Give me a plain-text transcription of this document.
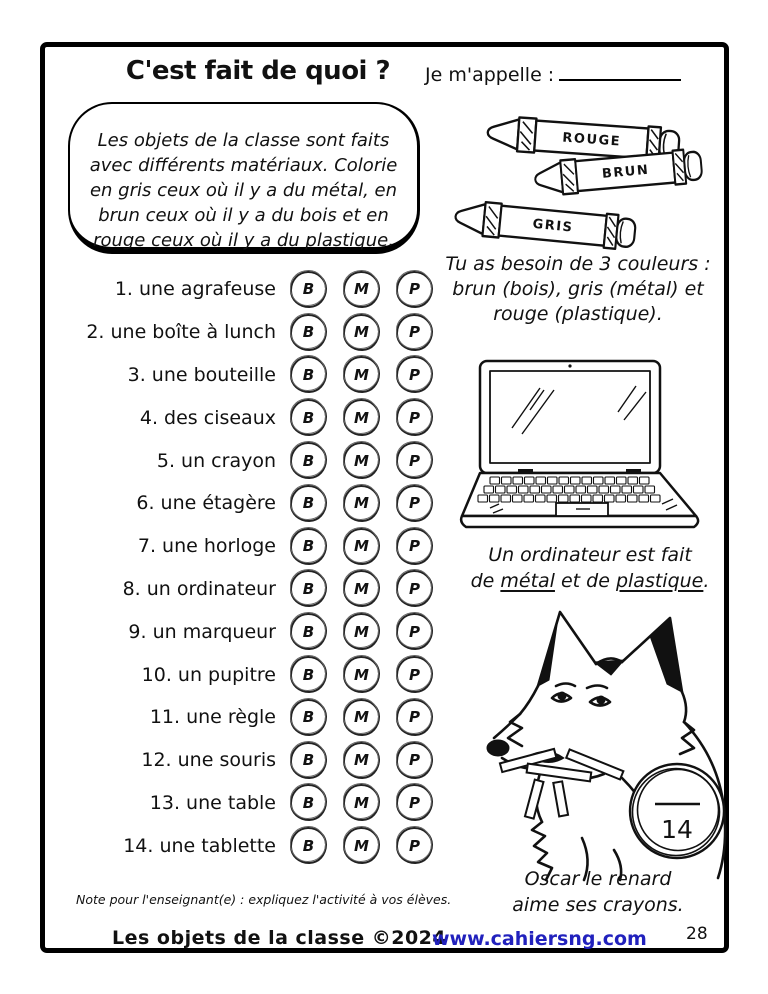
C'est fait de quoi ?	Je m'appelle :
Les objets de la classe sont faits
avec différents matériaux. Colorie
en gris ceux où il y a du métal, en
brun ceux où il y a du bois et en
rouge ceux où il y a du plastique.
ROUGE
BRUN
GRIS
Tu as besoin de 3 couleurs :
brun (bois), gris (métal) et
rouge (plastique).
1. une agrafeuse	B	M	P
2. une boîte à lunch	B	M	P
3. une bouteille	B	M	P
4. des ciseaux	B	M	P
5. un crayon	B	M	P
6. une étagère	B	M	P
7. une horloge	B	M	P
8. un ordinateur	B	M	P
9. un marqueur	B	M	P
10. un pupitre	B	M	P
11. une règle	B	M	P
12. une souris	B	M	P
13. une table	B	M	P
14. une tablette	B	M	P
Un ordinateur est fait
de métal et de plastique.
14
Oscar le renard
aime ses crayons.
Note pour l'enseignant(e) : expliquez l'activité à vos élèves.
Les objets de la classe ©2024
www.cahiersng.com 28
